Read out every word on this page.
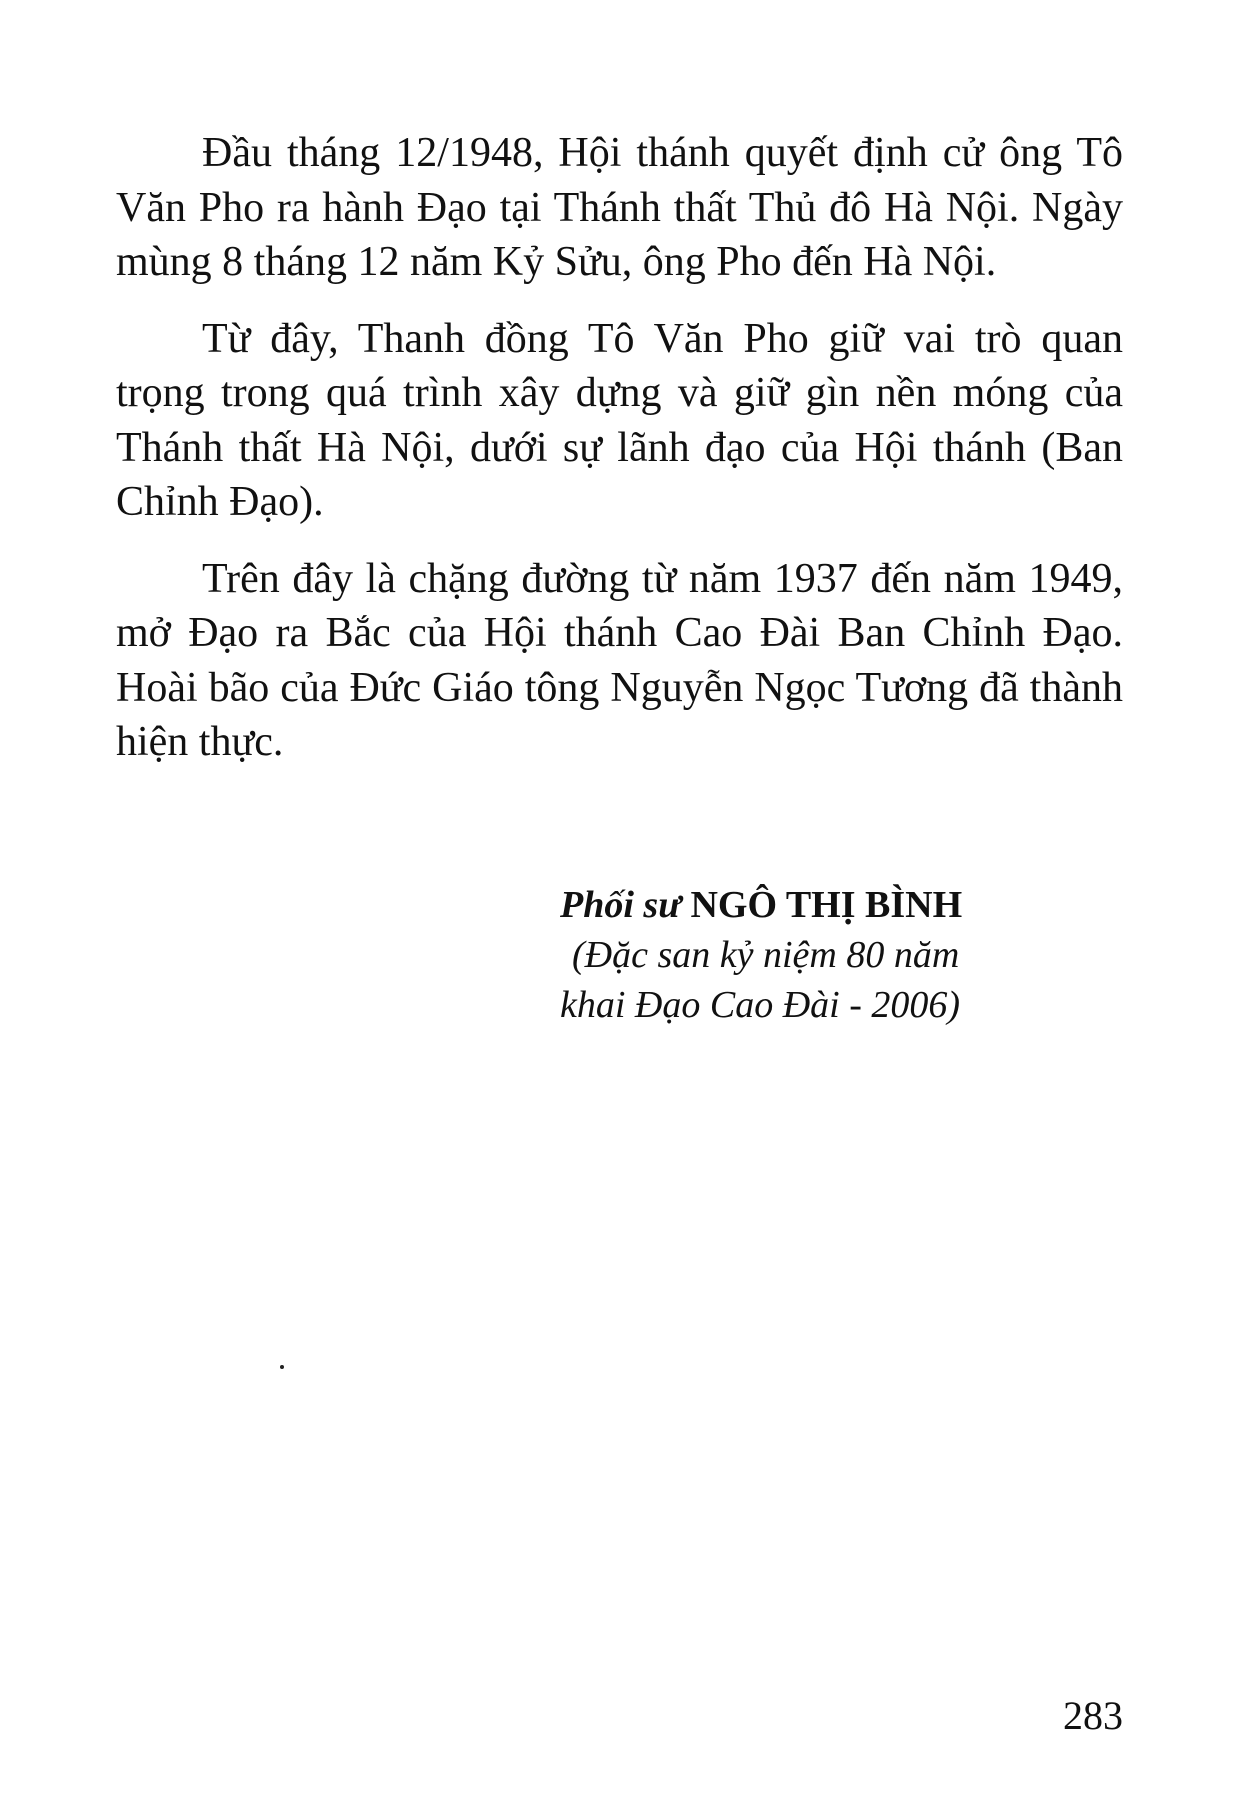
Đầu tháng 12/1948, Hội thánh quyết định cử ông Tô Văn Pho ra hành Đạo tại Thánh thất Thủ đô Hà Nội. Ngày mùng 8 tháng 12 năm Kỷ Sửu, ông Pho đến Hà Nội.

Từ đây, Thanh đồng Tô Văn Pho giữ vai trò quan trọng trong quá trình xây dựng và giữ gìn nền móng của Thánh thất Hà Nội, dưới sự lãnh đạo của Hội thánh (Ban Chỉnh Đạo).

Trên đây là chặng đường từ năm 1937 đến năm 1949, mở Đạo ra Bắc của Hội thánh Cao Đài Ban Chỉnh Đạo. Hoài bão của Đức Giáo tông Nguyễn Ngọc Tương đã thành hiện thực.

Phối sư NGÔ THỊ BÌNH
(Đặc san kỷ niệm 80 năm
khai Đạo Cao Đài - 2006)
283
